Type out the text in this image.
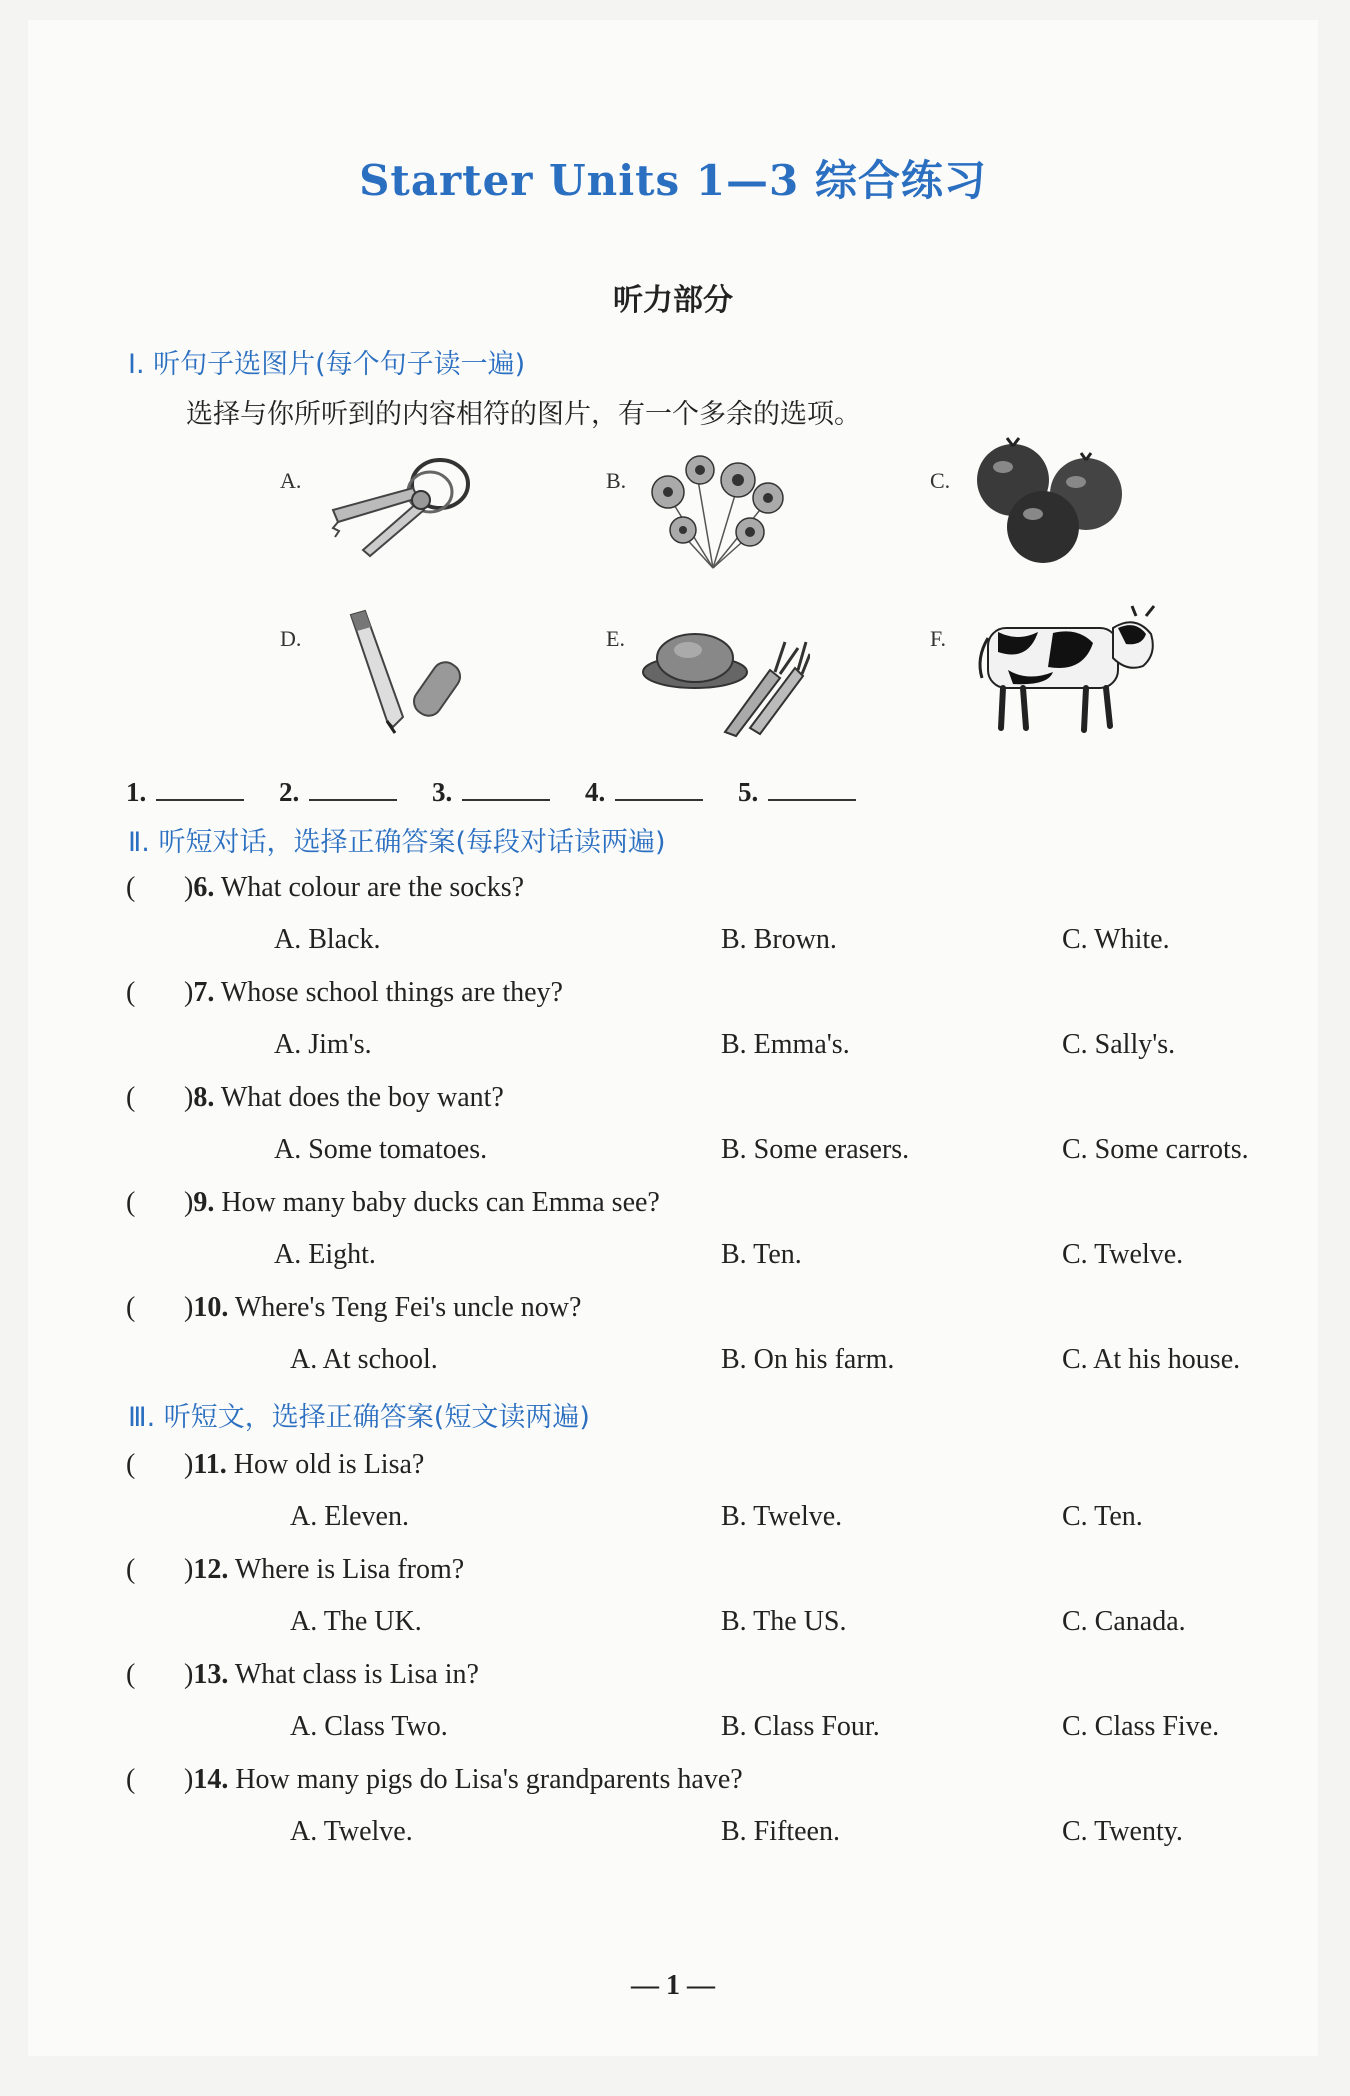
Starter Units 1—3 综合练习
听力部分
Ⅰ. 听句子选图片(每个句子读一遍)
选择与你所听到的内容相符的图片，有一个多余的选项。
A.	B.	C.
D.	E.	F.
1.	2.	3.	4.	5.
Ⅱ. 听短对话，选择正确答案(每段对话读两遍)
( )6. What colour are the socks?
A. Black.	B. Brown.	C. White.
( )7. Whose school things are they?
A. Jim's.	B. Emma's.	C. Sally's.
( )8. What does the boy want?
A. Some tomatoes.	B. Some erasers.	C. Some carrots.
( )9. How many baby ducks can Emma see?
A. Eight.	B. Ten.	C. Twelve.
( )10. Where's Teng Fei's uncle now?
A. At school.	B. On his farm.	C. At his house.
Ⅲ. 听短文，选择正确答案(短文读两遍)
( )11. How old is Lisa?
A. Eleven.	B. Twelve.	C. Ten.
( )12. Where is Lisa from?
A. The UK.	B. The US.	C. Canada.
( )13. What class is Lisa in?
A. Class Two.	B. Class Four.	C. Class Five.
( )14. How many pigs do Lisa's grandparents have?
A. Twelve.	B. Fifteen.	C. Twenty.
— 1 —
